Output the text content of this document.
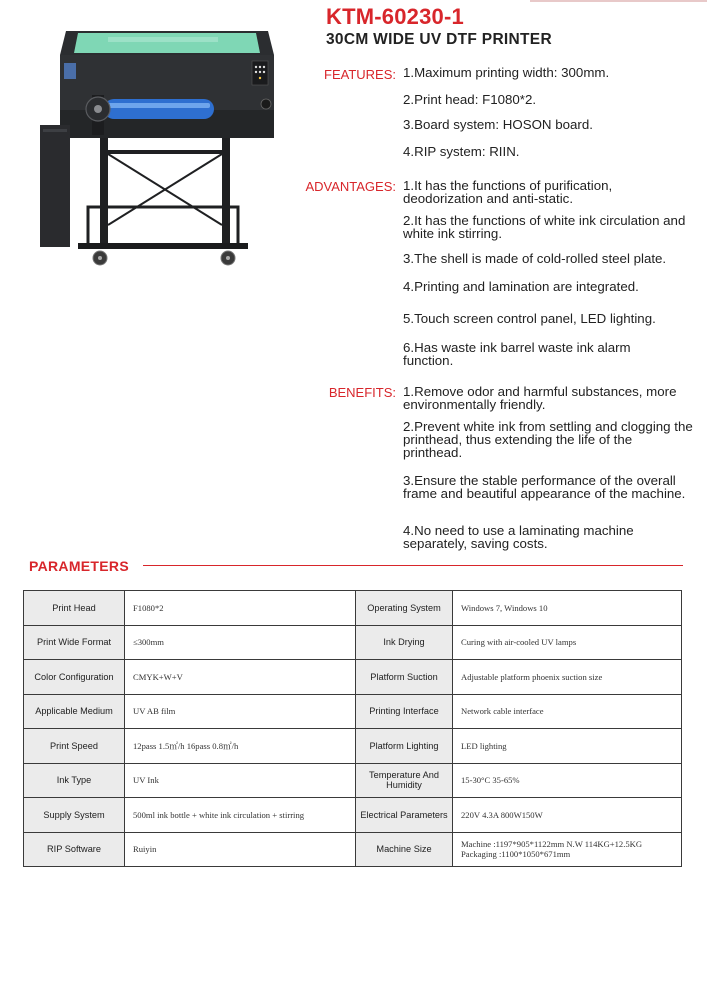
KTM-60230-1
30CM WIDE UV DTF PRINTER
FEATURES: 1.Maximum printing width: 300mm.
2.Print head: F1080*2.
3.Board system: HOSON board.
4.RIP system: RIIN.
ADVANTAGES: 1.It has the functions of purification, deodorization and anti-static.
2.It has the functions of white ink circulation and white ink stirring.
3.The shell is made of cold-rolled steel plate.
4.Printing and lamination are integrated.
5.Touch screen control panel, LED lighting.
6.Has waste ink barrel waste ink alarm function.
BENEFITS: 1.Remove odor and harmful substances, more environmentally friendly.
2.Prevent white ink from settling and clogging the printhead, thus extending the life of the printhead.
3.Ensure the stable performance of the overall frame and beautiful appearance of the machine.
4.No need to use a laminating machine separately, saving costs.
PARAMETERS
Print Head	F1080*2	Operating System	Windows 7, Windows 10
Print Wide Format	≤300mm	Ink Drying	Curing with air-cooled UV lamps
Color Configuration	CMYK+W+V	Platform Suction	Adjustable platform phoenix suction size
Applicable Medium	UV AB film	Printing Interface	Network cable interface
Print Speed	12pass 1.5㎡/h 16pass 0.8㎡/h	Platform Lighting	LED lighting
Ink Type	UV Ink	Temperature And Humidity	15-30°C 35-65%
Supply System	500ml ink bottle + white ink circulation + stirring	Electrical Parameters	220V 4.3A 800W150W
RIP Software	Ruiyin	Machine Size	Machine :1197*905*1122mm N.W 114KG+12.5KG
Packaging :1100*1050*671mm
